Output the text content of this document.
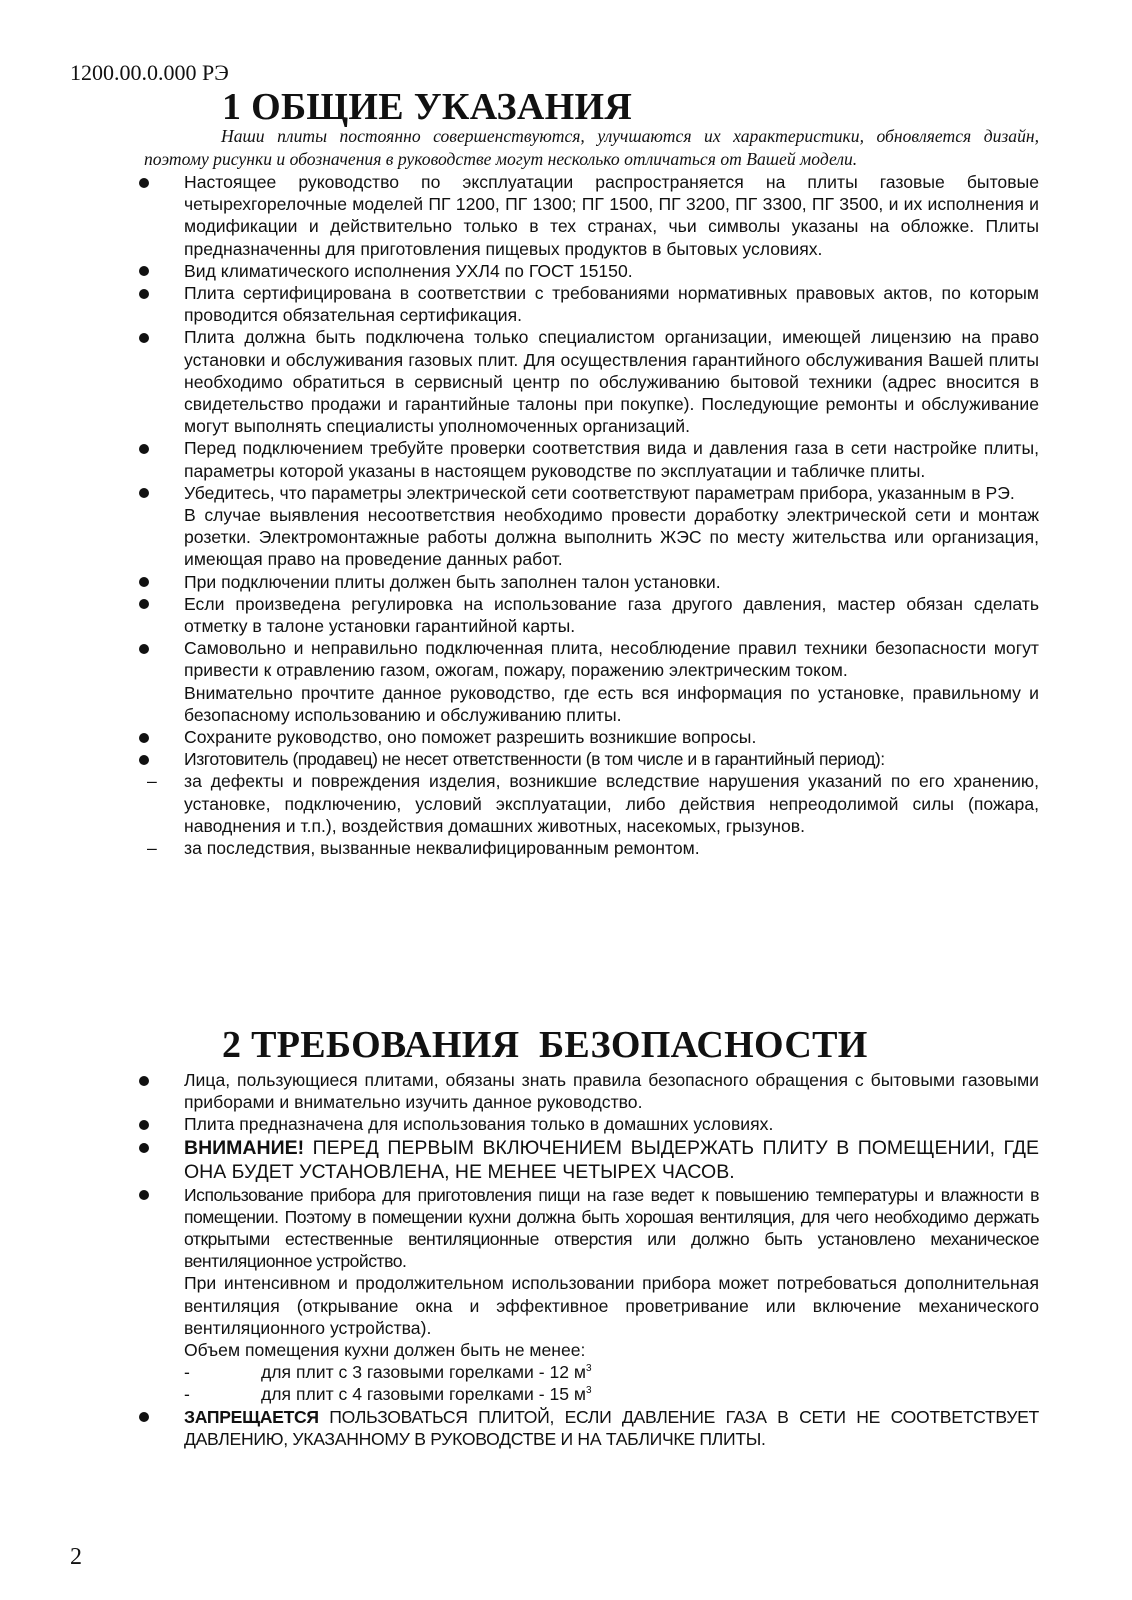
1200.00.0.000 РЭ
1 ОБЩИЕ УКАЗАНИЯ

Наши плиты постоянно совершенствуются, улучшаются их характеристики, обновляется дизайн, поэтому рисунки и обозначения в руководстве могут несколько отличаться от Вашей модели.

Настоящее руководство по эксплуатации распространяется на плиты газовые бытовые четырехгорелочные моделей ПГ 1200, ПГ 1300; ПГ 1500, ПГ 3200, ПГ 3300, ПГ 3500, и их исполнения и модификации и действительно только в тех странах, чьи символы указаны на обложке. Плиты предназначенны для приготовления пищевых продуктов в бытовых условиях.

Вид климатического исполнения УХЛ4 по ГОСТ 15150.

Плита сертифицирована в соответствии с требованиями нормативных правовых актов, по которым проводится обязательная сертификация.

Плита должна быть подключена только специалистом организации, имеющей лицензию на право установки и обслуживания газовых плит. Для осуществления гарантийного обслуживания Вашей плиты необходимо обратиться в сервисный центр по обслуживанию бытовой техники (адрес вносится в свидетельство продажи и гарантийные талоны при покупке). Последующие ремонты и обслуживание могут выполнять специалисты уполномоченных организаций.

Перед подключением требуйте проверки соответствия вида и давления газа в сети настройке плиты, параметры которой указаны в настоящем руководстве по эксплуатации и табличке плиты.

Убедитесь, что параметры электрической сети соответствуют параметрам прибора, указанным в РЭ.

В случае выявления несоответствия необходимо провести доработку электрической сети и монтаж розетки. Электромонтажные работы должна выполнить ЖЭС по месту жительства или организация, имеющая право на проведение данных работ.

При подключении плиты должен быть заполнен талон установки.

Если произведена регулировка на использование газа другого давления, мастер обязан сделать отметку в талоне установки гарантийной карты.

Самовольно и неправильно подключенная плита, несоблюдение правил техники безопасности могут привести к отравлению газом, ожогам, пожару, поражению электрическим током.

Внимательно прочтите данное руководство, где есть вся информация по установке, правильному и безопасному использованию и обслуживанию плиты.

Сохраните руководство, оно поможет разрешить возникшие вопросы.

Изготовитель (продавец) не несет ответственности (в том числе и в гарантийный период):

– за дефекты и повреждения изделия, возникшие вследствие нарушения указаний по его хранению, установке, подключению, условий эксплуатации, либо действия непреодолимой силы (пожара, наводнения и т.п.), воздействия домашних животных, насекомых, грызунов.

– за последствия, вызванные неквалифицированным ремонтом.

2 ТРЕБОВАНИЯ  БЕЗОПАСНОСТИ

Лица, пользующиеся плитами, обязаны знать правила безопасного обращения с бытовыми газовыми приборами и внимательно изучить данное руководство.

Плита предназначена для использования только в домашних условиях.

ВНИМАНИЕ! ПЕРЕД ПЕРВЫМ ВКЛЮЧЕНИЕМ ВЫДЕРЖАТЬ ПЛИТУ В ПОМЕЩЕНИИ, ГДЕ ОНА БУДЕТ УСТАНОВЛЕНА, НЕ МЕНЕЕ ЧЕТЫРЕХ ЧАСОВ.

Использование прибора для приготовления пищи на газе ведет к повышению температуры и влажности в помещении. Поэтому в помещении кухни должна быть хорошая вентиляция, для чего необходимо держать открытыми естественные вентиляционные отверстия или должно быть установлено механическое вентиляционное устройство.

При интенсивном и продолжительном использовании прибора может потребоваться дополнительная вентиляция (открывание окна и эффективное проветривание или включение механического вентиляционного устройства).

Объем помещения кухни должен быть не менее:

-	для плит с 3 газовыми горелками - 12 $м^3$
-	для плит с 4 газовыми горелками - 15 $м^3$

ЗАПРЕЩАЕТСЯ ПОЛЬЗОВАТЬСЯ ПЛИТОЙ, ЕСЛИ ДАВЛЕНИЕ ГАЗА В СЕТИ НЕ СООТВЕТСТВУЕТ ДАВЛЕНИЮ, УКАЗАННОМУ В РУКОВОДСТВЕ И НА ТАБЛИЧКЕ ПЛИТЫ.

2
